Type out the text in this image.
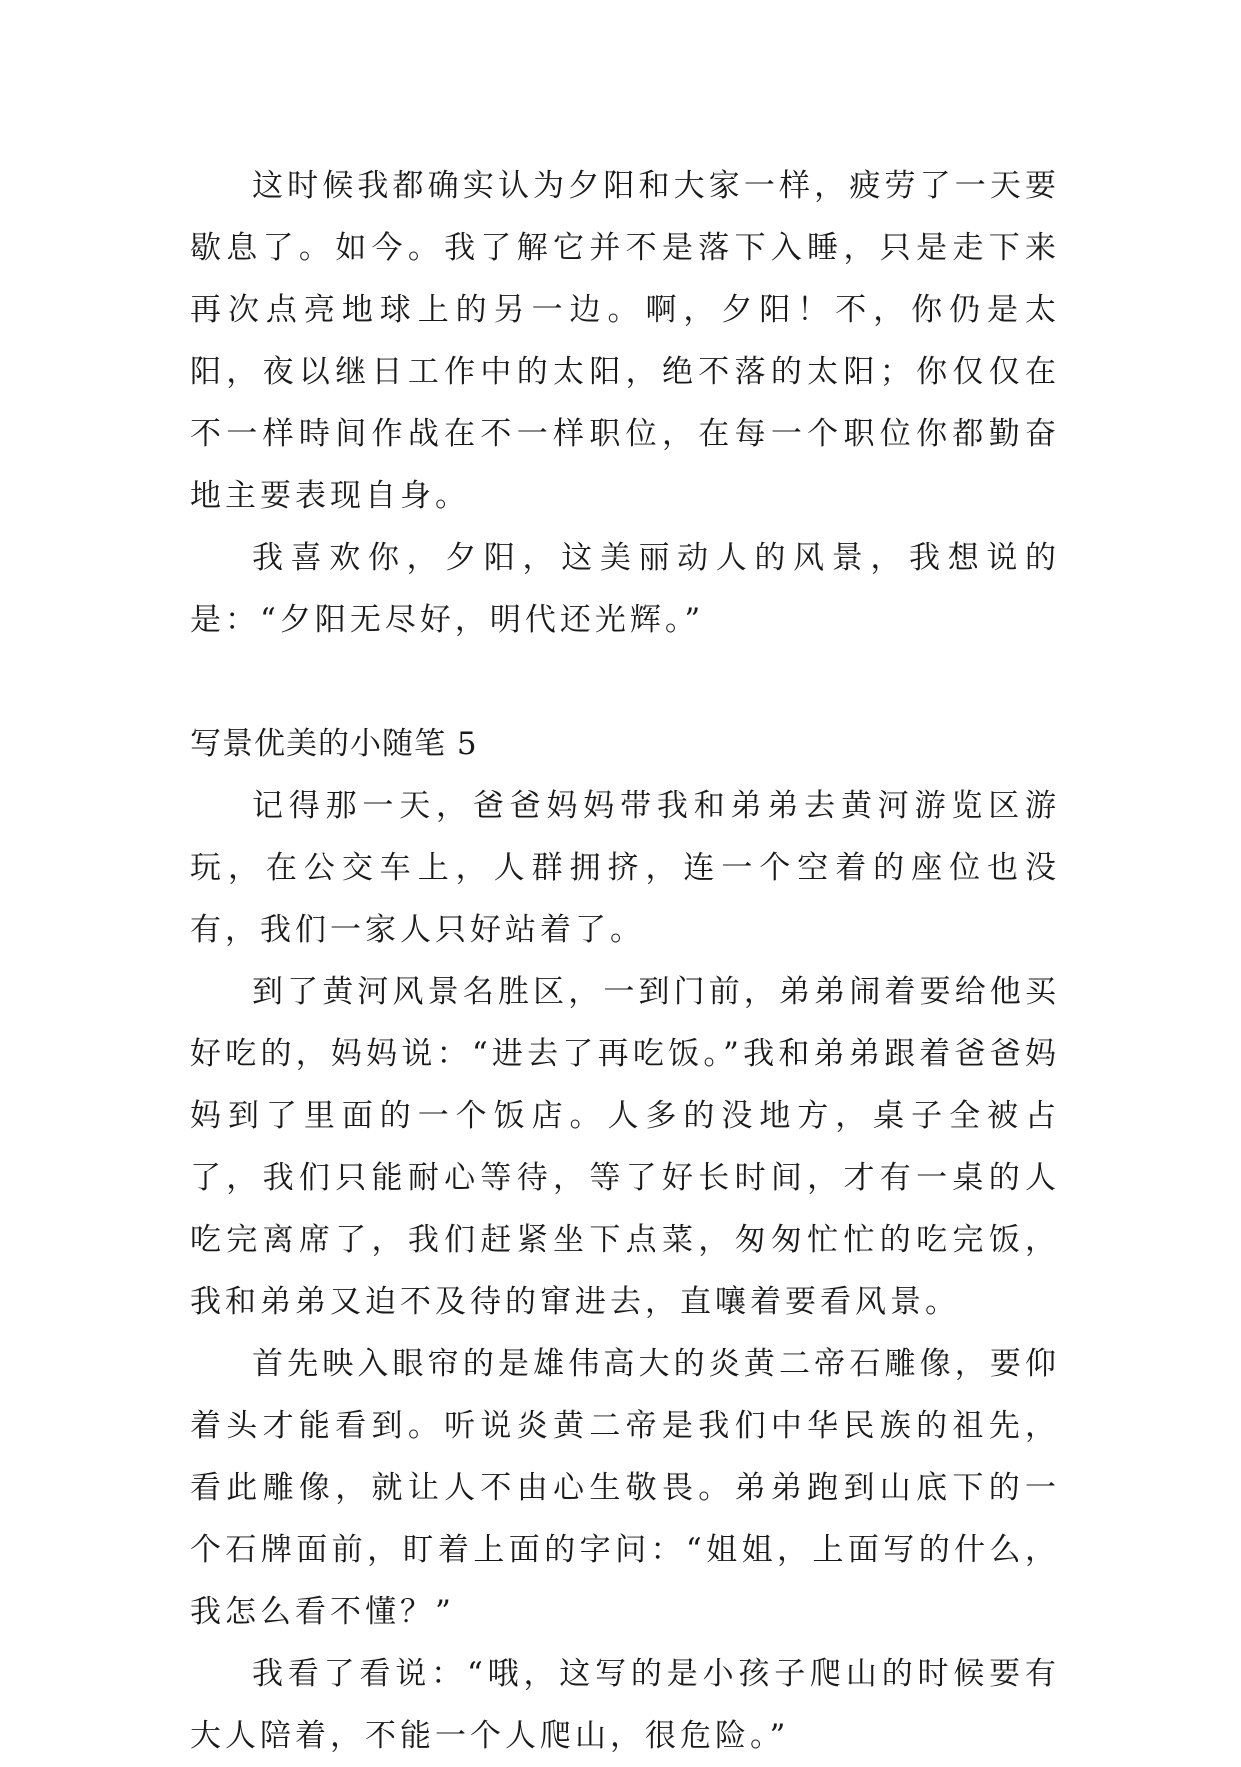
这时候我都确实认为夕阳和大家一样，疲劳了一天要歇息了。如今。我了解它并不是落下入睡，只是走下来再次点亮地球上的另一边。啊，夕阳！不，你仍是太阳，夜以继日工作中的太阳，绝不落的太阳；你仅仅在不一样時间作战在不一样职位，在每一个职位你都勤奋地主要表现自身。

我喜欢你，夕阳，这美丽动人的风景，我想说的是：“夕阳无尽好，明代还光辉。”

写景优美的小随笔 5

记得那一天，爸爸妈妈带我和弟弟去黄河游览区游玩，在公交车上，人群拥挤，连一个空着的座位也没有，我们一家人只好站着了。

到了黄河风景名胜区，一到门前，弟弟闹着要给他买好吃的，妈妈说：“进去了再吃饭。”我和弟弟跟着爸爸妈妈到了里面的一个饭店。人多的没地方，桌子全被占了，我们只能耐心等待，等了好长时间，才有一桌的人吃完离席了，我们赶紧坐下点菜，匆匆忙忙的吃完饭，我和弟弟又迫不及待的窜进去，直嚷着要看风景。

首先映入眼帘的是雄伟高大的炎黄二帝石雕像，要仰着头才能看到。听说炎黄二帝是我们中华民族的祖先，看此雕像，就让人不由心生敬畏。弟弟跑到山底下的一个石牌面前，盯着上面的字问：“姐姐，上面写的什么，我怎么看不懂？”

我看了看说：“哦，这写的是小孩子爬山的时候要有大人陪着，不能一个人爬山，很危险。”
